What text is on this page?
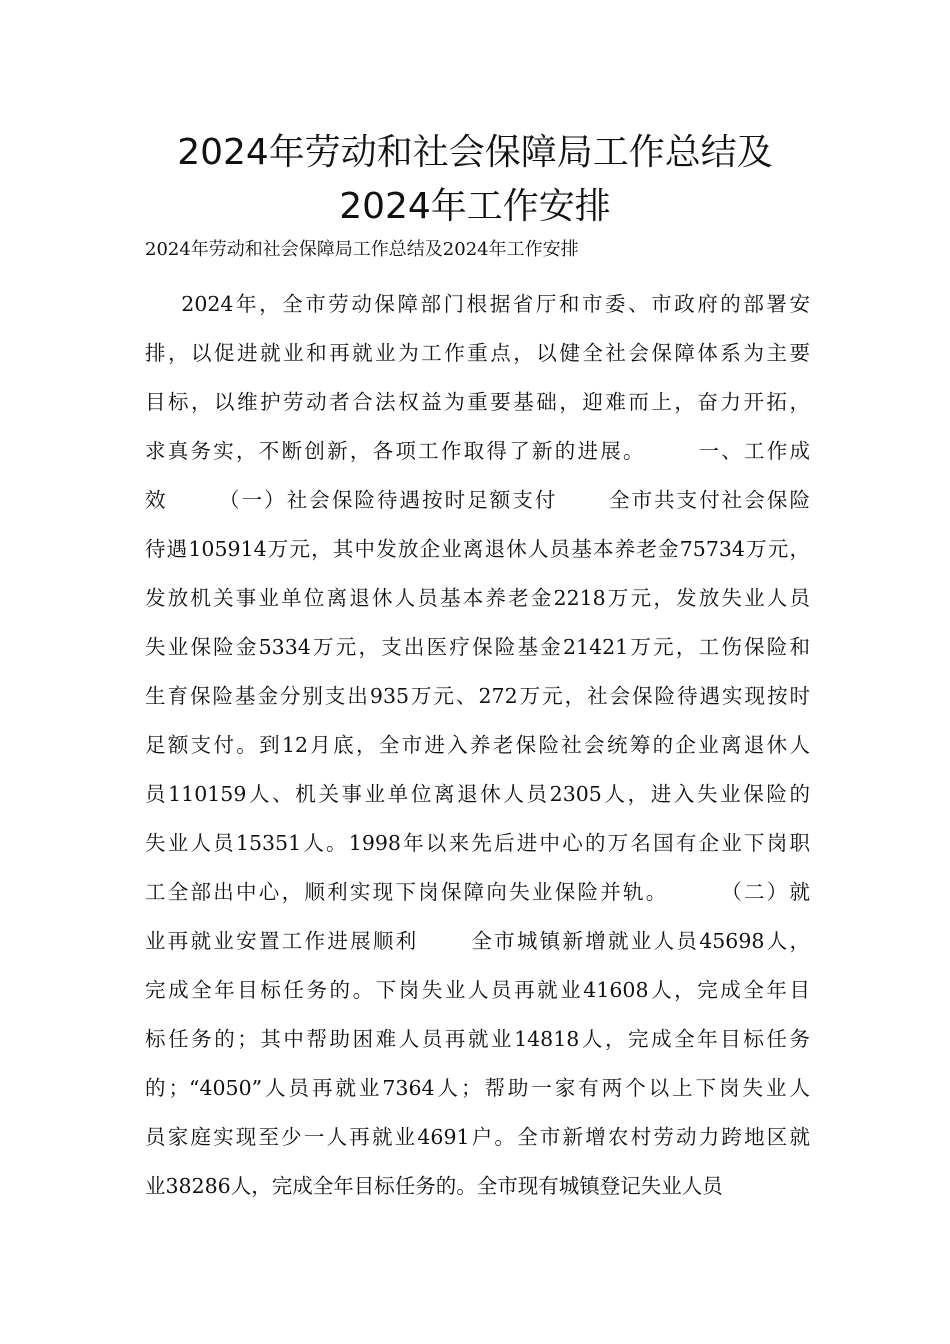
2024年劳动和社会保障局工作总结及
2024年工作安排
2024年劳动和社会保障局工作总结及2024年工作安排
2024年，全市劳动保障部门根据省厅和市委、市政府的部署安
排，以促进就业和再就业为工作重点，以健全社会保障体系为主要
目标，以维护劳动者合法权益为重要基础，迎难而上，奋力开拓，
求真务实，不断创新，各项工作取得了新的进展。      一、工作成
效      （一）社会保险待遇按时足额支付      全市共支付社会保险
待遇105914万元，其中发放企业离退休人员基本养老金75734万元，
发放机关事业单位离退休人员基本养老金2218万元，发放失业人员
失业保险金5334万元，支出医疗保险基金21421万元，工伤保险和
生育保险基金分别支出935万元、272万元，社会保险待遇实现按时
足额支付。到12月底，全市进入养老保险社会统筹的企业离退休人
员110159人、机关事业单位离退休人员2305人，进入失业保险的
失业人员15351人。1998年以来先后进中心的万名国有企业下岗职
工全部出中心，顺利实现下岗保障向失业保险并轨。      （二）就
业再就业安置工作进展顺利      全市城镇新增就业人员45698人，
完成全年目标任务的。下岗失业人员再就业41608人，完成全年目
标任务的；其中帮助困难人员再就业14818人，完成全年目标任务
的；“4050”人员再就业7364人；帮助一家有两个以上下岗失业人
员家庭实现至少一人再就业4691户。全市新增农村劳动力跨地区就
业38286人，完成全年目标任务的。全市现有城镇登记失业人员
